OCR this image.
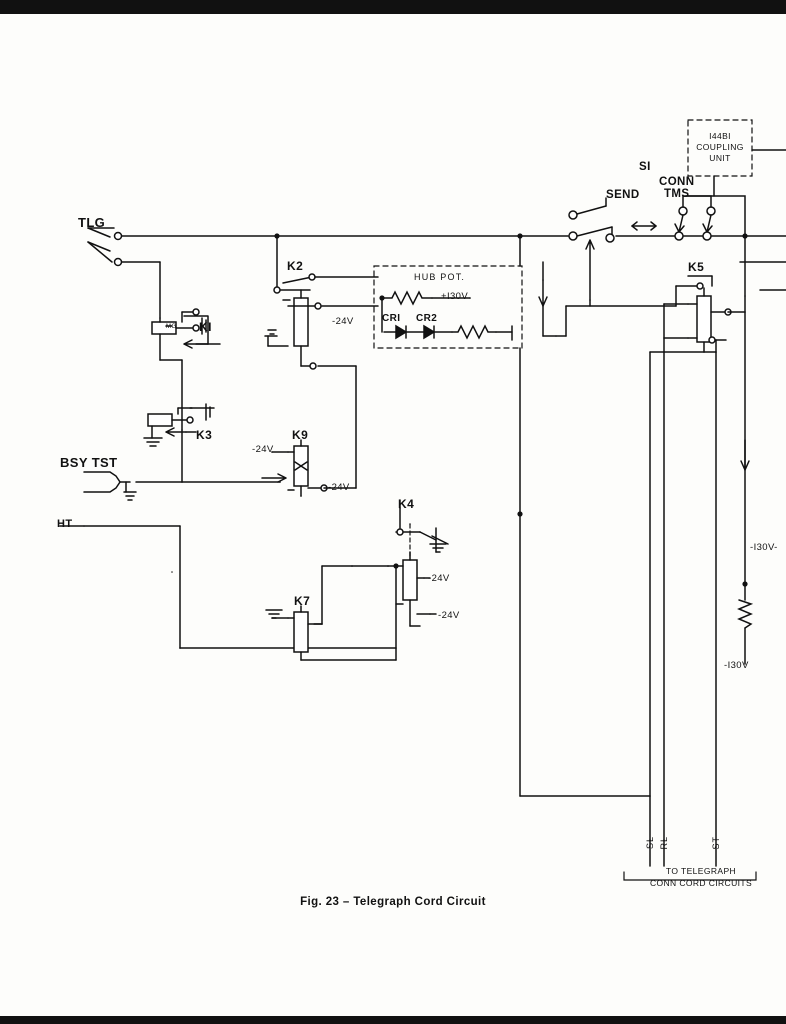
TLG
BSY TST
HT
SEND
SI
CONN
TMS
I44BI
COUPLING
UNIT
HUB POT.
+I30V
CRI CR2
K2
KI
K3	K9
K4
K7
K5
MG	-24V
-24V
-24V
-24V
-24V
-I30V-
-I30V
SL RL	ST
TO TELEGRAPH
CONN CORD CIRCUITS
Fig. 23 – Telegraph Cord Circuit
